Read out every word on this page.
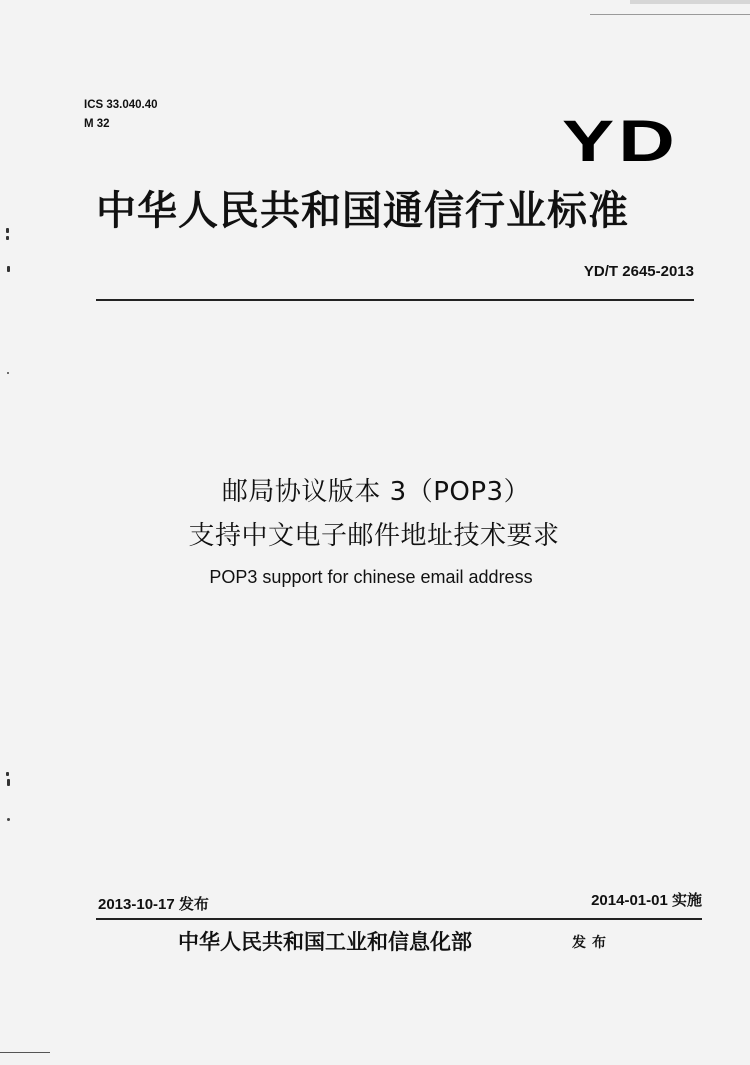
ICS 33.040.40
M 32	YD
中华人民共和国通信行业标准
YD/T 2645-2013
邮局协议版本 3（POP3）
支持中文电子邮件地址技术要求
POP3 support for chinese email address
2013-10-17 发布	2014-01-01 实施
中华人民共和国工业和信息化部	发布
